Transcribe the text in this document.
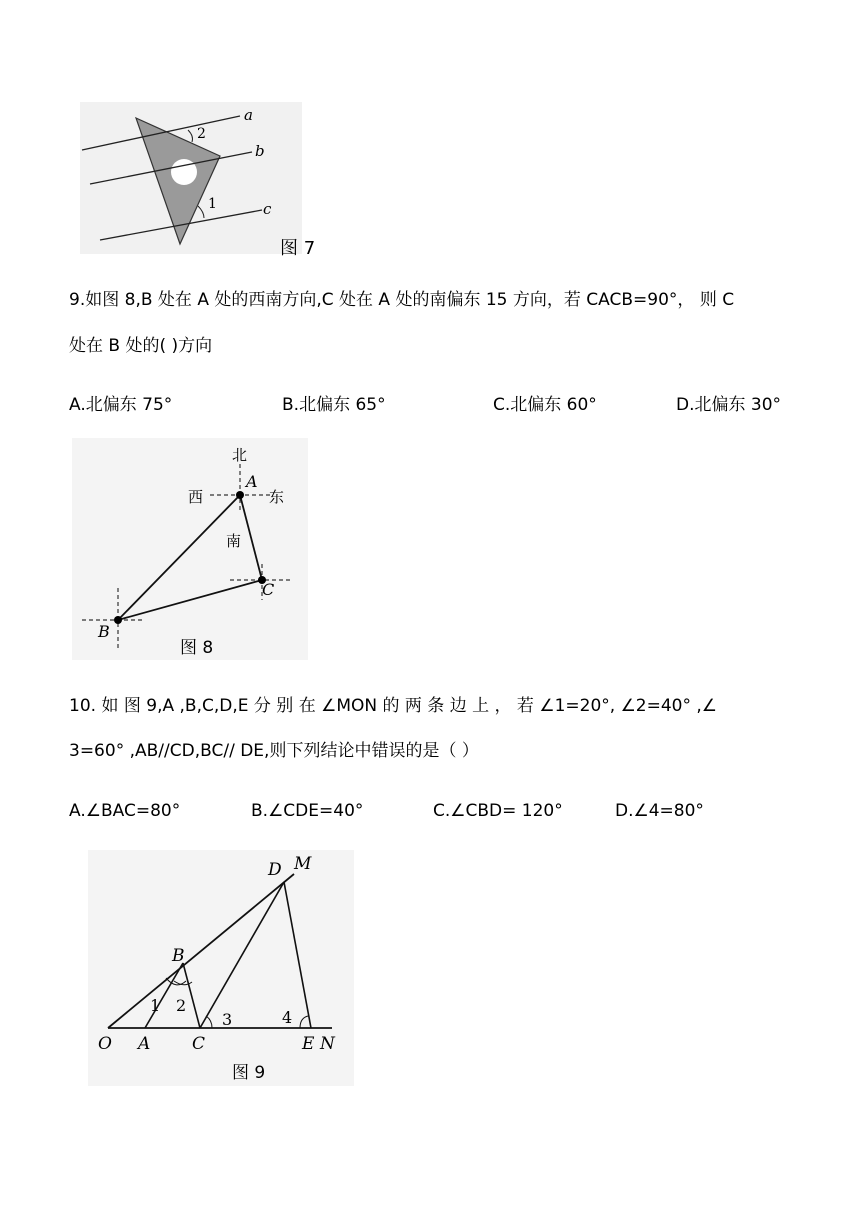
a
b
c
2
1
图 7
9.如图 8,B 处在 A 处的西南方向,C 处在 A 处的南偏东 15 方向，若 CACB=90°， 则 C
处在 B 处的( )方向
A.北偏东 75°	B.北偏东 65°	C.北偏东 60°	D.北偏东 30°
北
西	东
南
A
C
B
图 8
10. 如 图 9,A ,B,C,D,E 分 别 在 ∠MON 的 两 条 边 上 ， 若 ∠1=20°, ∠2=40° ,∠
3=60° ,AB//CD,BC// DE,则下列结论中错误的是（ ）
A.∠BAC=80°	B.∠CDE=40°	C.∠CBD= 120°	D.∠4=80°
D M
B
1 2
3	4
O A C	E N
图 9
